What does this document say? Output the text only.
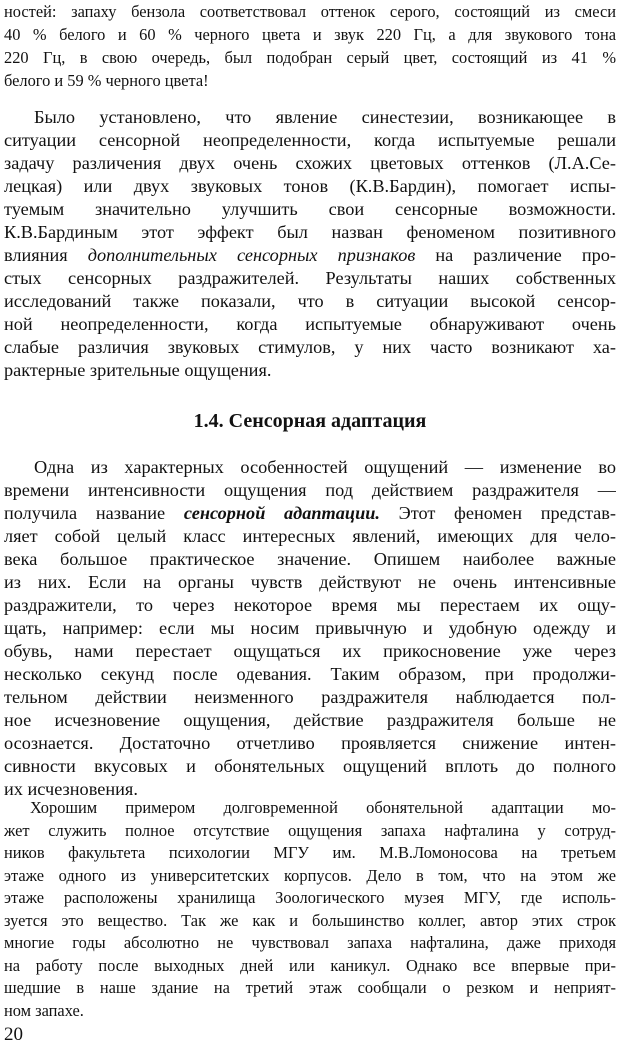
ностей: запаху бензола соответствовал оттенок серого, состоящий из смеси
40 % белого и 60 % черного цвета и звук 220 Гц, а для звукового тона
220 Гц, в свою очередь, был подобран серый цвет, состоящий из 41 %
белого и 59 % черного цвета!
Было установлено, что явление синестезии, возникающее в
ситуации сенсорной неопределенности, когда испытуемые решали
задачу различения двух очень схожих цветовых оттенков (Л.А.Се-
лецкая) или двух звуковых тонов (К.В.Бардин), помогает испы-
туемым значительно улучшить свои сенсорные возможности.
К.В.Бардиным этот эффект был назван феноменом позитивного
влияния дополнительных сенсорных признаков на различение про-
стых сенсорных раздражителей. Результаты наших собственных
исследований также показали, что в ситуации высокой сенсор-
ной неопределенности, когда испытуемые обнаруживают очень
слабые различия звуковых стимулов, у них часто возникают ха-
рактерные зрительные ощущения.
1.4. Сенсорная адаптация
Одна из характерных особенностей ощущений — изменение во
времени интенсивности ощущения под действием раздражителя —
получила название сенсорной адаптации. Этот феномен представ-
ляет собой целый класс интересных явлений, имеющих для чело-
века большое практическое значение. Опишем наиболее важные
из них. Если на органы чувств действуют не очень интенсивные
раздражители, то через некоторое время мы перестаем их ощу-
щать, например: если мы носим привычную и удобную одежду и
обувь, нами перестает ощущаться их прикосновение уже через
несколько секунд после одевания. Таким образом, при продолжи-
тельном действии неизменного раздражителя наблюдается пол-
ное исчезновение ощущения, действие раздражителя больше не
осознается. Достаточно отчетливо проявляется снижение интен-
сивности вкусовых и обонятельных ощущений вплоть до полного
их исчезновения.
Хорошим примером долговременной обонятельной адаптации мо-
жет служить полное отсутствие ощущения запаха нафталина у сотруд-
ников факультета психологии МГУ им. М.В.Ломоносова на третьем
этаже одного из университетских корпусов. Дело в том, что на этом же
этаже расположены хранилища Зоологического музея МГУ, где исполь-
зуется это вещество. Так же как и большинство коллег, автор этих строк
многие годы абсолютно не чувствовал запаха нафталина, даже приходя
на работу после выходных дней или каникул. Однако все впервые при-
шедшие в наше здание на третий этаж сообщали о резком и неприят-
ном запахе.
20
